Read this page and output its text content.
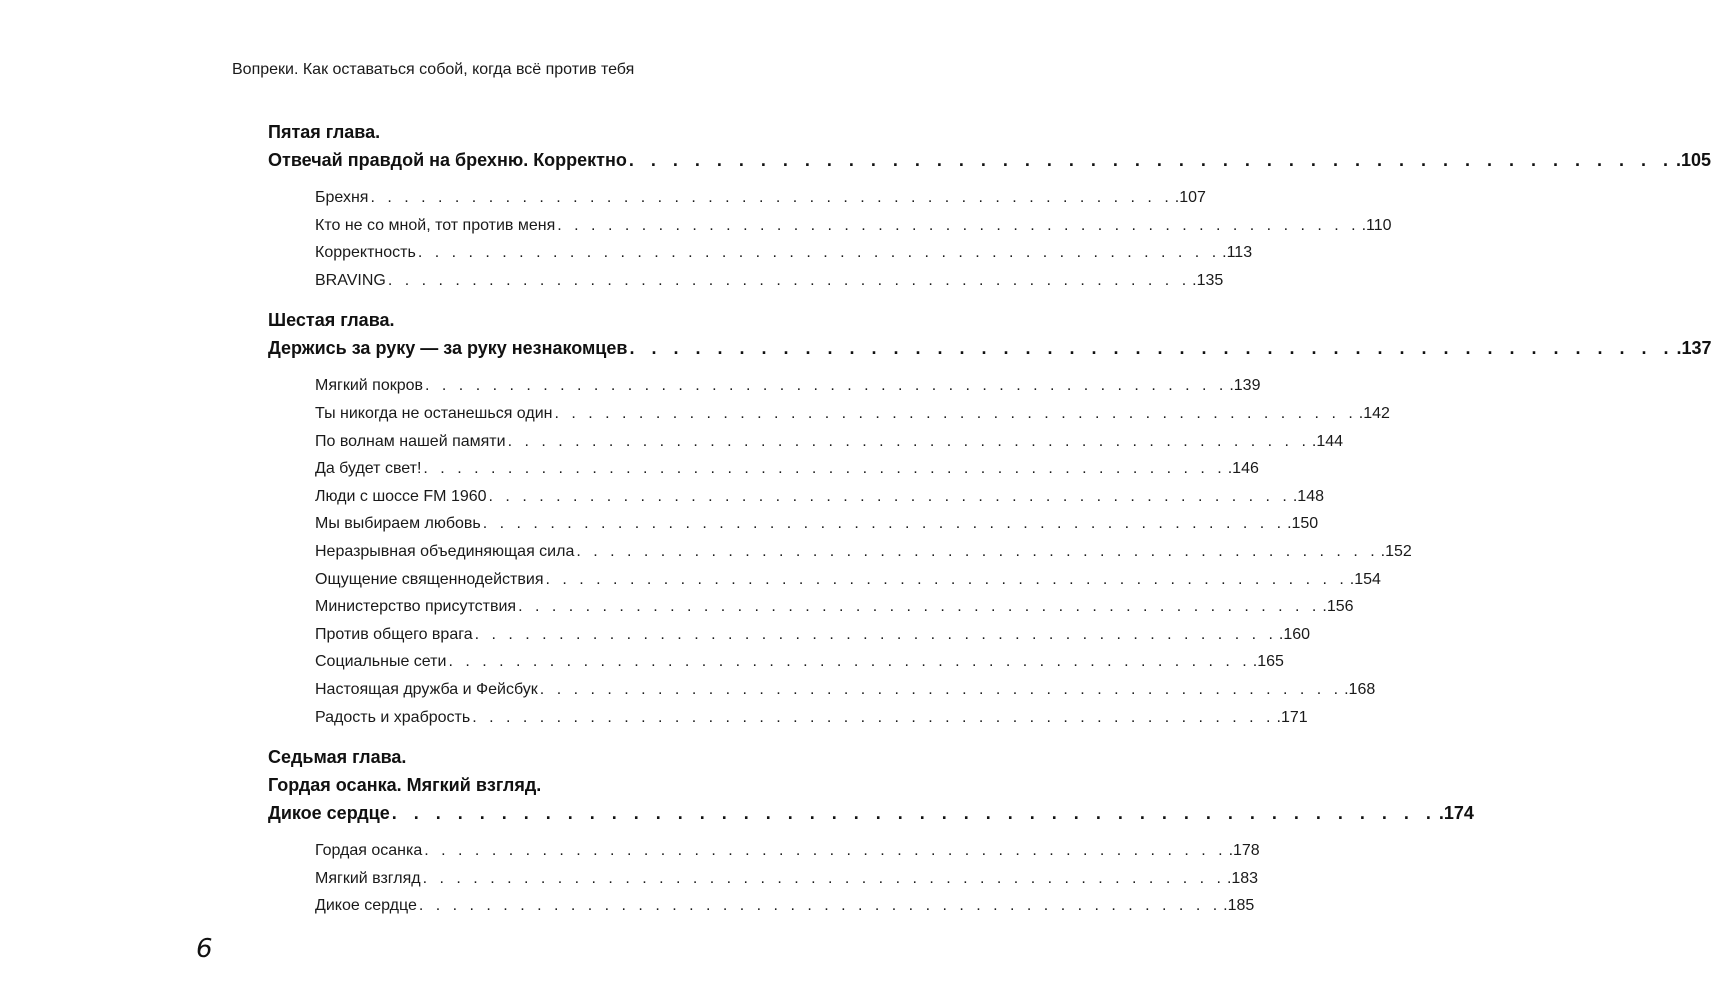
Вопреки. Как оставаться собой, когда всё против тебя
Пятая глава.
Отвечай правдой на брехню. Корректно . . . . . . . . . . . . . . . . . . . . . . . . . . . . . . . . . . . . . . . . . . . . . . . . .105
Брехня . . . . . . . . . . . . . . . . . . . . . . . . . . . . . . . . . . . . . . . . . . . . . . . . .107
Кто не со мной, тот против меня . . . . . . . . . . . . . . . . . . . . . . . . . . . . . . . . . . . . . . . . . . . . . . . . .110
Корректность . . . . . . . . . . . . . . . . . . . . . . . . . . . . . . . . . . . . . . . . . . . . . . . . .113
BRAVING . . . . . . . . . . . . . . . . . . . . . . . . . . . . . . . . . . . . . . . . . . . . . . . . .135
Шестая глава.
Держись за руку — за руку незнакомцев . . . . . . . . . . . . . . . . . . . . . . . . . . . . . . . . . . . . . . . . . . . . . . . . .137
Мягкий покров . . . . . . . . . . . . . . . . . . . . . . . . . . . . . . . . . . . . . . . . . . . . . . . . .139
Ты никогда не останешься один . . . . . . . . . . . . . . . . . . . . . . . . . . . . . . . . . . . . . . . . . . . . . . . . .142
По волнам нашей памяти . . . . . . . . . . . . . . . . . . . . . . . . . . . . . . . . . . . . . . . . . . . . . . . . .144
Да будет свет! . . . . . . . . . . . . . . . . . . . . . . . . . . . . . . . . . . . . . . . . . . . . . . . . .146
Люди с шоссе FM 1960 . . . . . . . . . . . . . . . . . . . . . . . . . . . . . . . . . . . . . . . . . . . . . . . . .148
Мы выбираем любовь . . . . . . . . . . . . . . . . . . . . . . . . . . . . . . . . . . . . . . . . . . . . . . . . .150
Неразрывная объединяющая сила . . . . . . . . . . . . . . . . . . . . . . . . . . . . . . . . . . . . . . . . . . . . . . . . .152
Ощущение священнодействия . . . . . . . . . . . . . . . . . . . . . . . . . . . . . . . . . . . . . . . . . . . . . . . . .154
Министерство присутствия . . . . . . . . . . . . . . . . . . . . . . . . . . . . . . . . . . . . . . . . . . . . . . . . .156
Против общего врага . . . . . . . . . . . . . . . . . . . . . . . . . . . . . . . . . . . . . . . . . . . . . . . . .160
Социальные сети . . . . . . . . . . . . . . . . . . . . . . . . . . . . . . . . . . . . . . . . . . . . . . . . .165
Настоящая дружба и Фейсбук . . . . . . . . . . . . . . . . . . . . . . . . . . . . . . . . . . . . . . . . . . . . . . . . .168
Радость и храбрость . . . . . . . . . . . . . . . . . . . . . . . . . . . . . . . . . . . . . . . . . . . . . . . . .171
Седьмая глава.
Гордая осанка. Мягкий взгляд.
Дикое сердце . . . . . . . . . . . . . . . . . . . . . . . . . . . . . . . . . . . . . . . . . . . . . . . . .174
Гордая осанка . . . . . . . . . . . . . . . . . . . . . . . . . . . . . . . . . . . . . . . . . . . . . . . . .178
Мягкий взгляд . . . . . . . . . . . . . . . . . . . . . . . . . . . . . . . . . . . . . . . . . . . . . . . . .183
Дикое сердце . . . . . . . . . . . . . . . . . . . . . . . . . . . . . . . . . . . . . . . . . . . . . . . . .185
6
